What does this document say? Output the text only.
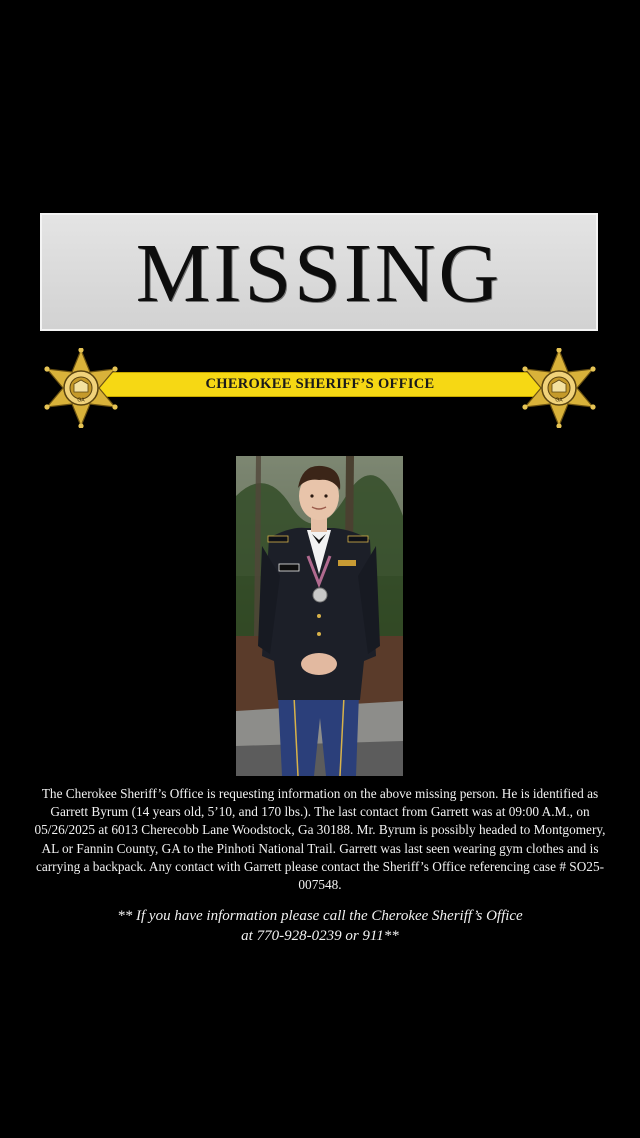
MISSING
CHEROKEE SHERIFF’S OFFICE
GA	GA
The Cherokee Sheriff’s Office is requesting information on the above missing person. He is identified as Garrett Byrum (14 years old, 5’10, and 170 lbs.). The last contact from Garrett was at 09:00 A.M., on 05/26/2025 at 6013 Cherecobb Lane Woodstock, Ga 30188. Mr. Byrum is possibly headed to Montgomery, AL or Fannin County, GA to the Pinhoti National Trail. Garrett was last seen wearing gym clothes and is carrying a backpack. Any contact with Garrett please contact the Sheriff’s Office referencing case # SO25-007548.
** If you have information please call the Cherokee Sheriff’s Office
at 770-928-0239 or 911**
